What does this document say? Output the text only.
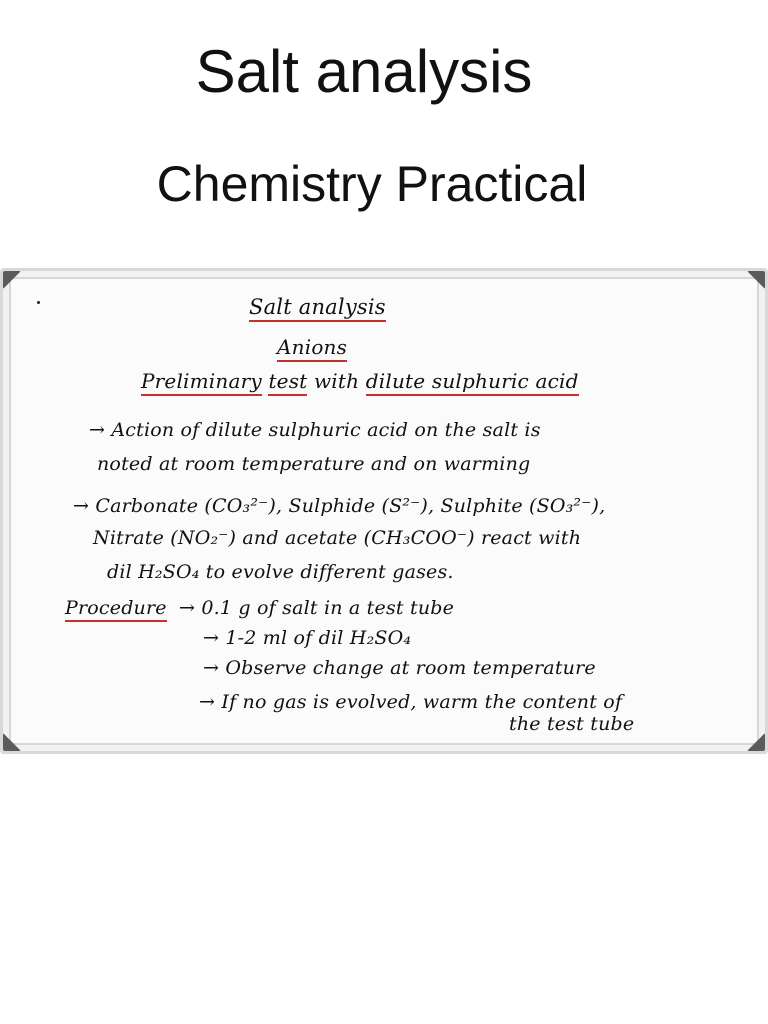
Salt analysis
Chemistry Practical
Salt analysis
Anions
Preliminary test with dilute sulphuric acid
→ Action of dilute sulphuric acid on the salt is
noted at room temperature and on warming
→ Carbonate (CO₃²⁻), Sulphide (S²⁻), Sulphite (SO₃²⁻),
Nitrate (NO₂⁻) and acetate (CH₃COO⁻) react with
dil H₂SO₄ to evolve different gases.
Procedure → 0.1 g of salt in a test tube
→ 1-2 ml of dil H₂SO₄
→ Observe change at room temperature
→ If no gas is evolved, warm the content of
the test tube
